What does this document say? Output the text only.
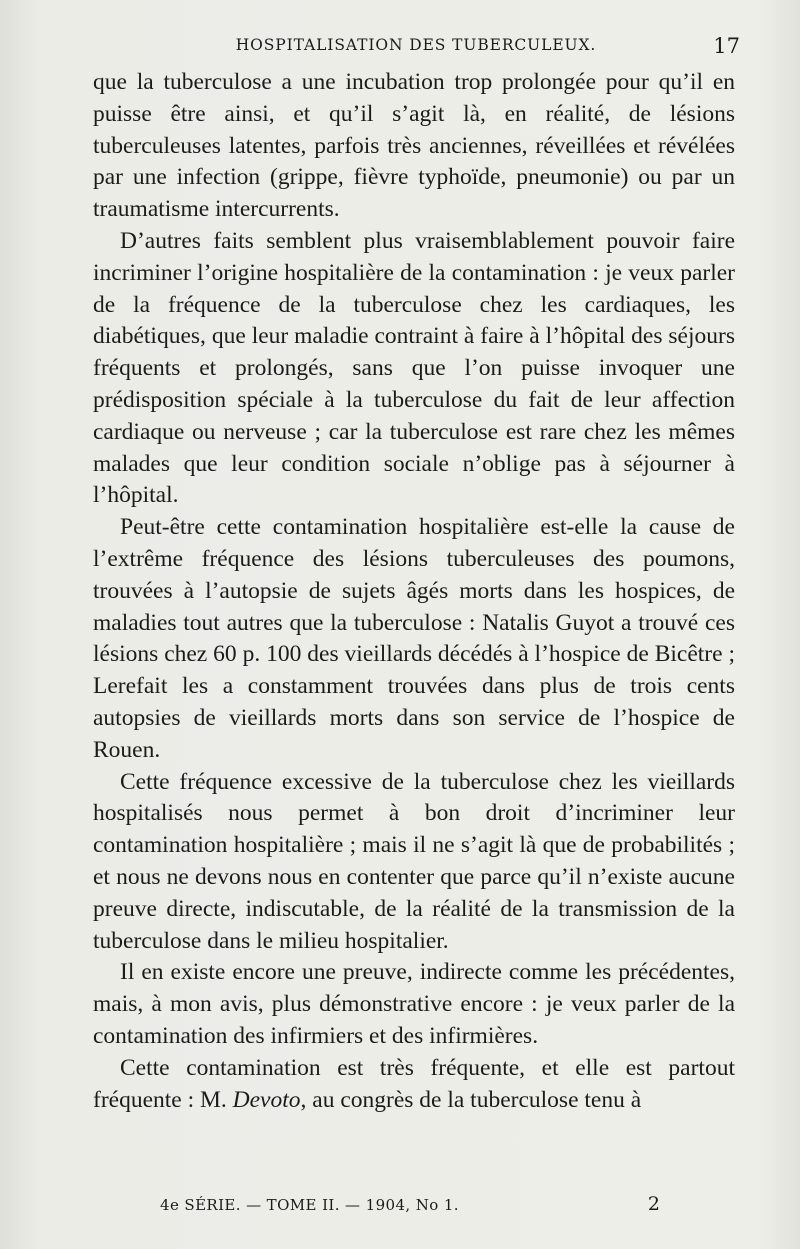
HOSPITALISATION DES TUBERCULEUX.	17

que la tuberculose a une incubation trop prolongée pour qu’il en puisse être ainsi, et qu’il s’agit là, en réalité, de lésions tuberculeuses latentes, parfois très anciennes, réveillées et révélées par une infection (grippe, fièvre typhoïde, pneumonie) ou par un traumatisme intercurrents.

D’autres faits semblent plus vraisemblablement pouvoir faire incriminer l’origine hospitalière de la contamination : je veux parler de la fréquence de la tuberculose chez les cardiaques, les diabétiques, que leur maladie contraint à faire à l’hôpital des séjours fréquents et prolongés, sans que l’on puisse invoquer une prédisposition spéciale à la tuberculose du fait de leur affection cardiaque ou nerveuse ; car la tuberculose est rare chez les mêmes malades que leur condition sociale n’oblige pas à séjourner à l’hôpital.

Peut-être cette contamination hospitalière est-elle la cause de l’extrême fréquence des lésions tuberculeuses des poumons, trouvées à l’autopsie de sujets âgés morts dans les hospices, de maladies tout autres que la tuberculose : Natalis Guyot a trouvé ces lésions chez 60 p. 100 des vieillards décédés à l’hospice de Bicêtre ; Lerefait les a constamment trouvées dans plus de trois cents autopsies de vieillards morts dans son service de l’hospice de Rouen.

Cette fréquence excessive de la tuberculose chez les vieillards hospitalisés nous permet à bon droit d’incriminer leur contamination hospitalière ; mais il ne s’agit là que de probabilités ; et nous ne devons nous en contenter que parce qu’il n’existe aucune preuve directe, indiscutable, de la réalité de la transmission de la tuberculose dans le milieu hospitalier.

Il en existe encore une preuve, indirecte comme les précédentes, mais, à mon avis, plus démonstrative encore : je veux parler de la contamination des infirmiers et des infirmières.

Cette contamination est très fréquente, et elle est partout fréquente : M. Devoto, au congrès de la tuberculose tenu à

4e SÉRIE. — TOME II. — 1904, No 1.	2
